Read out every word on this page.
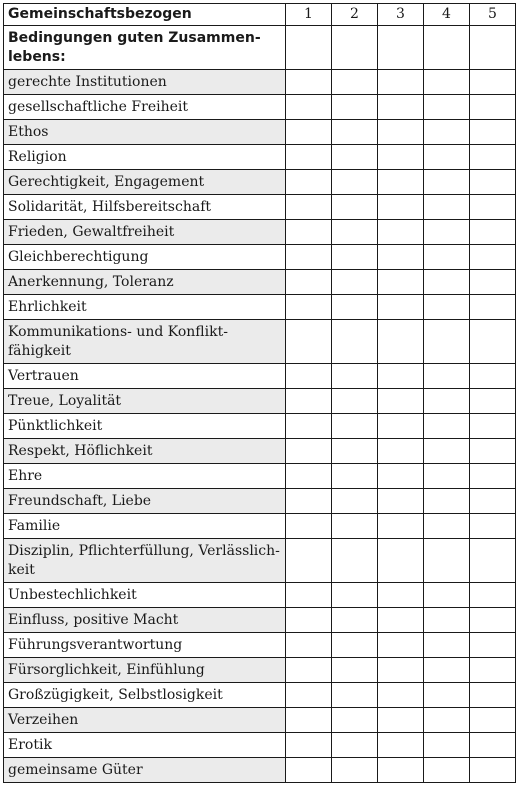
Gemeinschaftsbezogen	1	2	3	4	5

Bedingungen guten Zusammen-
lebens:					

gerechte Institutionen					

gesellschaftliche Freiheit					

Ethos					

Religion					

Gerechtigkeit, Engagement					

Solidarität, Hilfsbereitschaft					

Frieden, Gewaltfreiheit					

Gleichberechtigung					

Anerkennung, Toleranz					

Ehrlichkeit					

Kommunikations- und Konflikt-
fähigkeit					

Vertrauen					

Treue, Loyalität					

Pünktlichkeit					

Respekt, Höflichkeit					

Ehre					

Freundschaft, Liebe					

Familie					

Disziplin, Pflichterfüllung, Verlässlich-
keit					

Unbestechlichkeit					

Einfluss, positive Macht					

Führungsverantwortung					

Fürsorglichkeit, Einfühlung					

Großzügigkeit, Selbstlosigkeit					

Verzeihen					

Erotik					

gemeinsame Güter					
